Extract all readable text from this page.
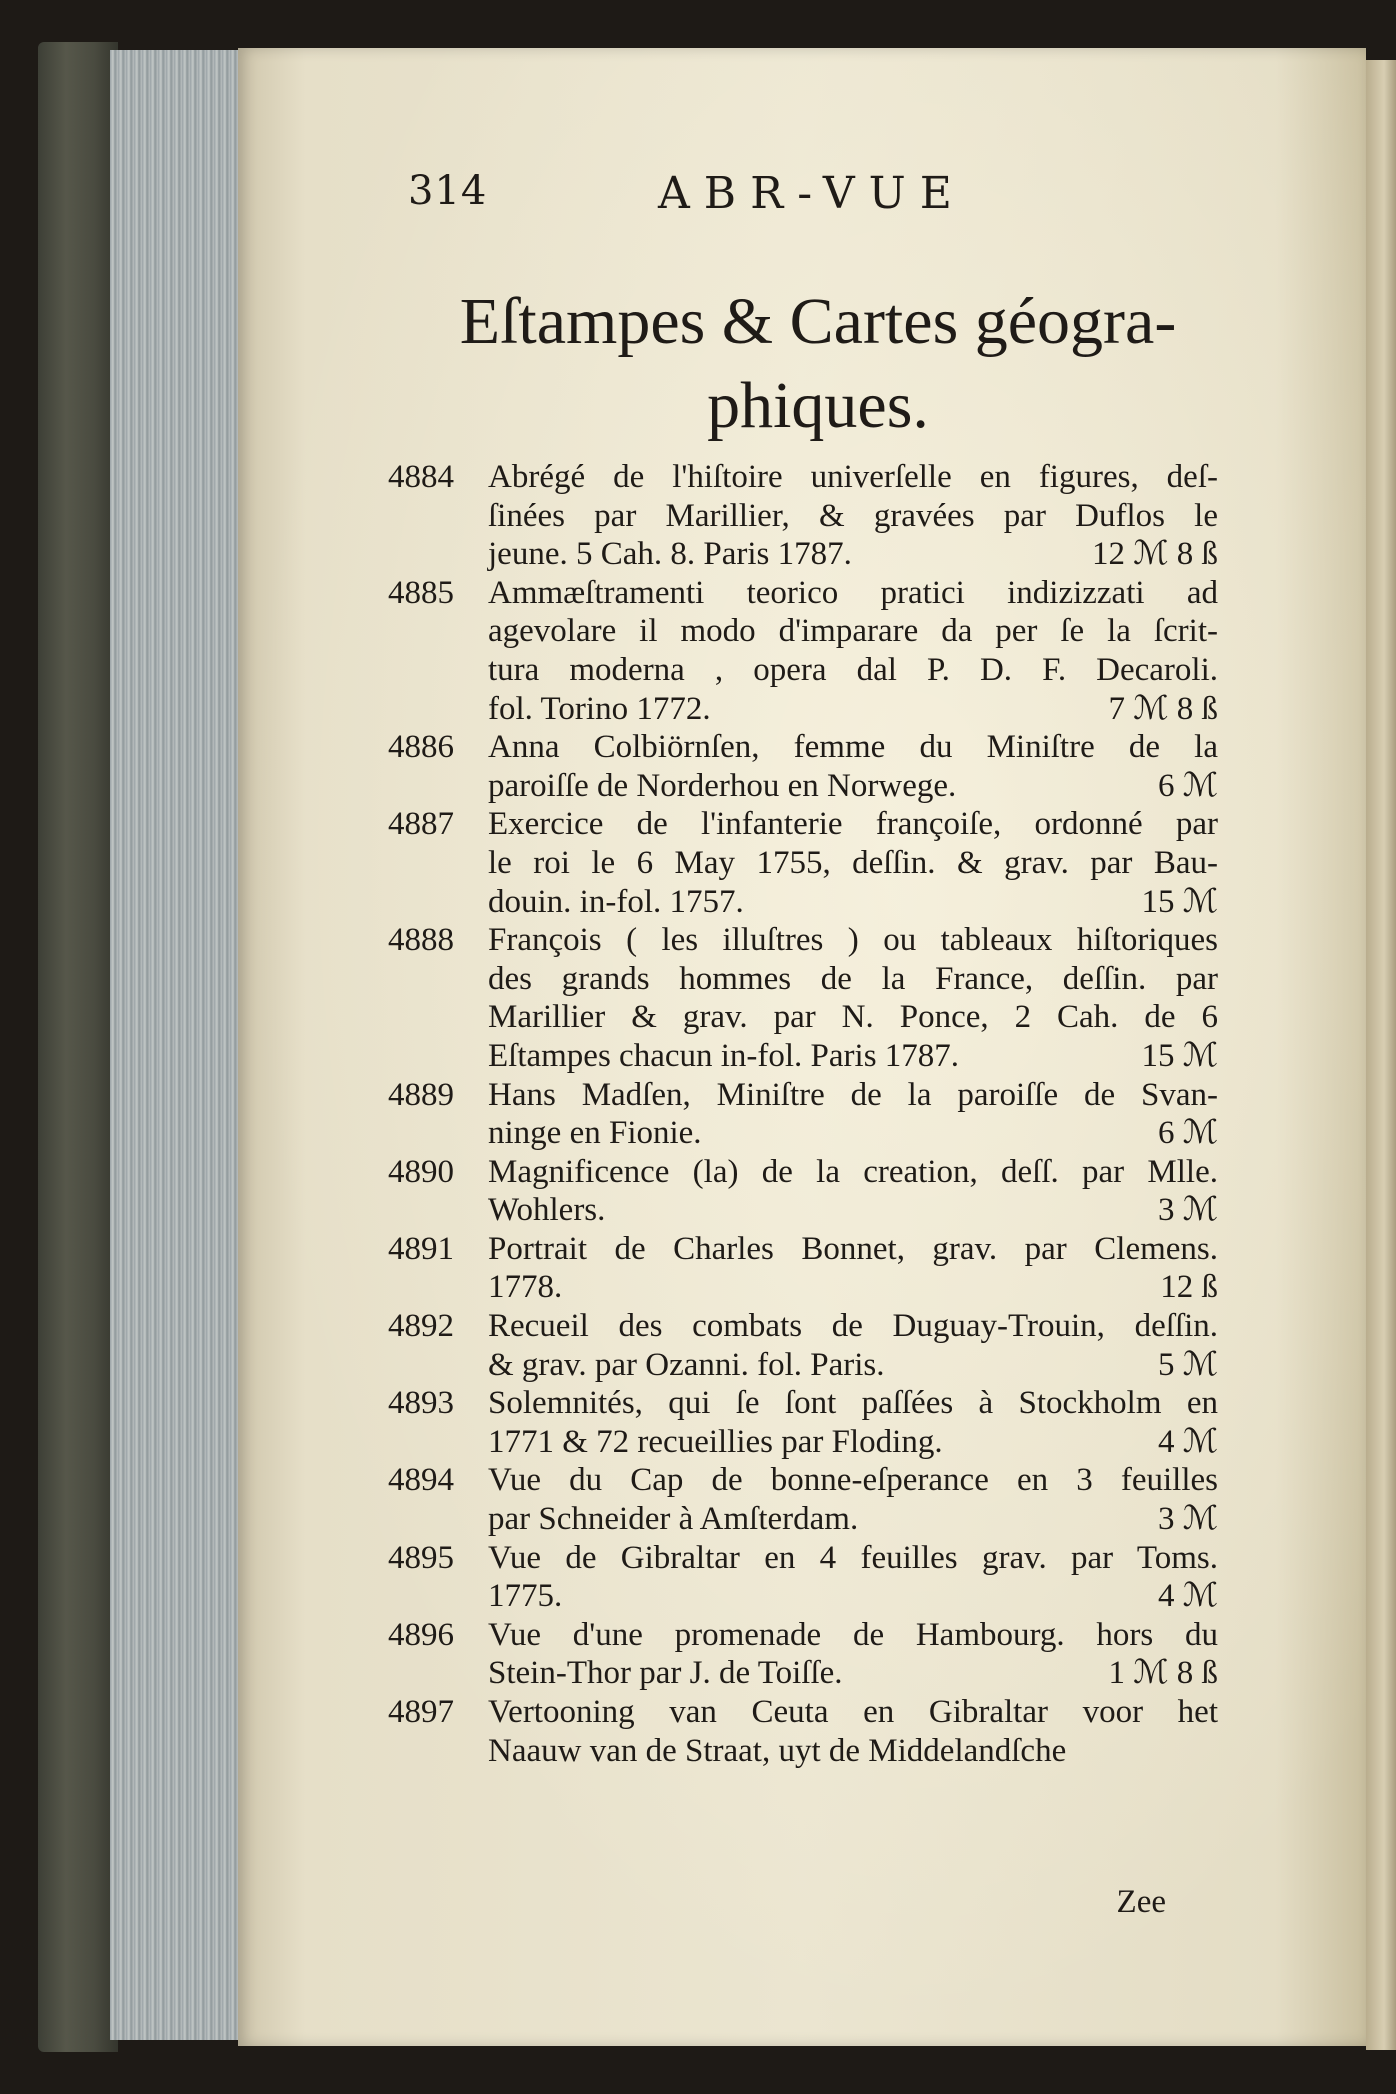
314	ABR-VUE
Eſtampes & Cartes géogra-
phiques.
4884 Abrégé de l'hiſtoire univerſelle en figures, deſ-
ſinées par Marillier, & gravées par Duflos le
jeune. 5 Cah. 8. Paris 1787.	12 ℳ 8 ß
4885 Ammæſtramenti teorico pratici indizizzati ad
agevolare il modo d'imparare da per ſe la ſcrit-
tura moderna , opera dal P. D. F. Decaroli.
fol. Torino 1772.	7 ℳ 8 ß
4886 Anna Colbiörnſen, femme du Miniſtre de la
paroiſſe de Norderhou en Norwege.	6 ℳ
4887 Exercice de l'infanterie françoiſe, ordonné par
le roi le 6 May 1755, deſſin. & grav. par Bau-
douin. in-fol. 1757.	15 ℳ
4888 François ( les illuſtres ) ou tableaux hiſtoriques
des grands hommes de la France, deſſin. par
Marillier & grav. par N. Ponce, 2 Cah. de 6
Eſtampes chacun in-fol. Paris 1787.	15 ℳ
4889 Hans Madſen, Miniſtre de la paroiſſe de Svan-
ninge en Fionie.	6 ℳ
4890 Magnificence (la) de la creation, deſſ. par Mlle.
Wohlers.	3 ℳ
4891 Portrait de Charles Bonnet, grav. par Clemens.
1778.	12 ß
4892 Recueil des combats de Duguay-Trouin, deſſin.
& grav. par Ozanni. fol. Paris.	5 ℳ
4893 Solemnités, qui ſe ſont paſſées à Stockholm en
1771 & 72 recueillies par Floding.	4 ℳ
4894 Vue du Cap de bonne-eſperance en 3 feuilles
par Schneider à Amſterdam.	3 ℳ
4895 Vue de Gibraltar en 4 feuilles grav. par Toms.
1775.	4 ℳ
4896 Vue d'une promenade de Hambourg. hors du
Stein-Thor par J. de Toiſſe.	1 ℳ 8 ß
4897 Vertooning van Ceuta en Gibraltar voor het
Naauw van de Straat, uyt de Middelandſche
Zee
